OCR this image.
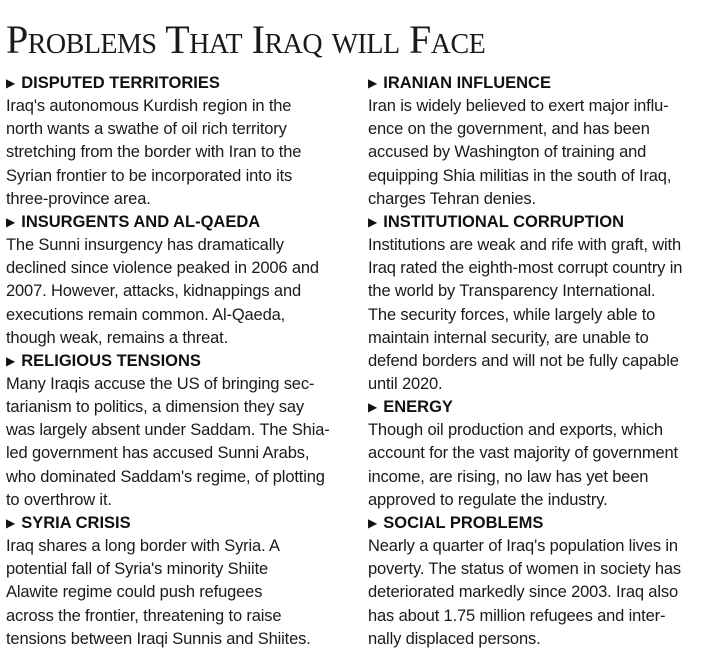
Problems That Iraq will Face
▶ DISPUTED TERRITORIES
Iraq's autonomous Kurdish region in the
north wants a swathe of oil rich territory
stretching from the border with Iran to the
Syrian frontier to be incorporated into its
three-province area.
▶ INSURGENTS AND AL-QAEDA
The Sunni insurgency has dramatically
declined since violence peaked in 2006 and
2007. However, attacks, kidnappings and
executions remain common. Al-Qaeda,
though weak, remains a threat.
▶ RELIGIOUS TENSIONS
Many Iraqis accuse the US of bringing sec-
tarianism to politics, a dimension they say
was largely absent under Saddam. The Shia-
led government has accused Sunni Arabs,
who dominated Saddam's regime, of plotting
to overthrow it.
▶ SYRIA CRISIS
Iraq shares a long border with Syria. A
potential fall of Syria's minority Shiite
Alawite regime could push refugees
across the frontier, threatening to raise
tensions between Iraqi Sunnis and Shiites.
▶ IRANIAN INFLUENCE
Iran is widely believed to exert major influ-
ence on the government, and has been
accused by Washington of training and
equipping Shia militias in the south of Iraq,
charges Tehran denies.
▶ INSTITUTIONAL CORRUPTION
Institutions are weak and rife with graft, with
Iraq rated the eighth-most corrupt country in
the world by Transparency International.
The security forces, while largely able to
maintain internal security, are unable to
defend borders and will not be fully capable
until 2020.
▶ ENERGY
Though oil production and exports, which
account for the vast majority of government
income, are rising, no law has yet been
approved to regulate the industry.
▶ SOCIAL PROBLEMS
Nearly a quarter of Iraq's population lives in
poverty. The status of women in society has
deteriorated markedly since 2003. Iraq also
has about 1.75 million refugees and inter-
nally displaced persons.
